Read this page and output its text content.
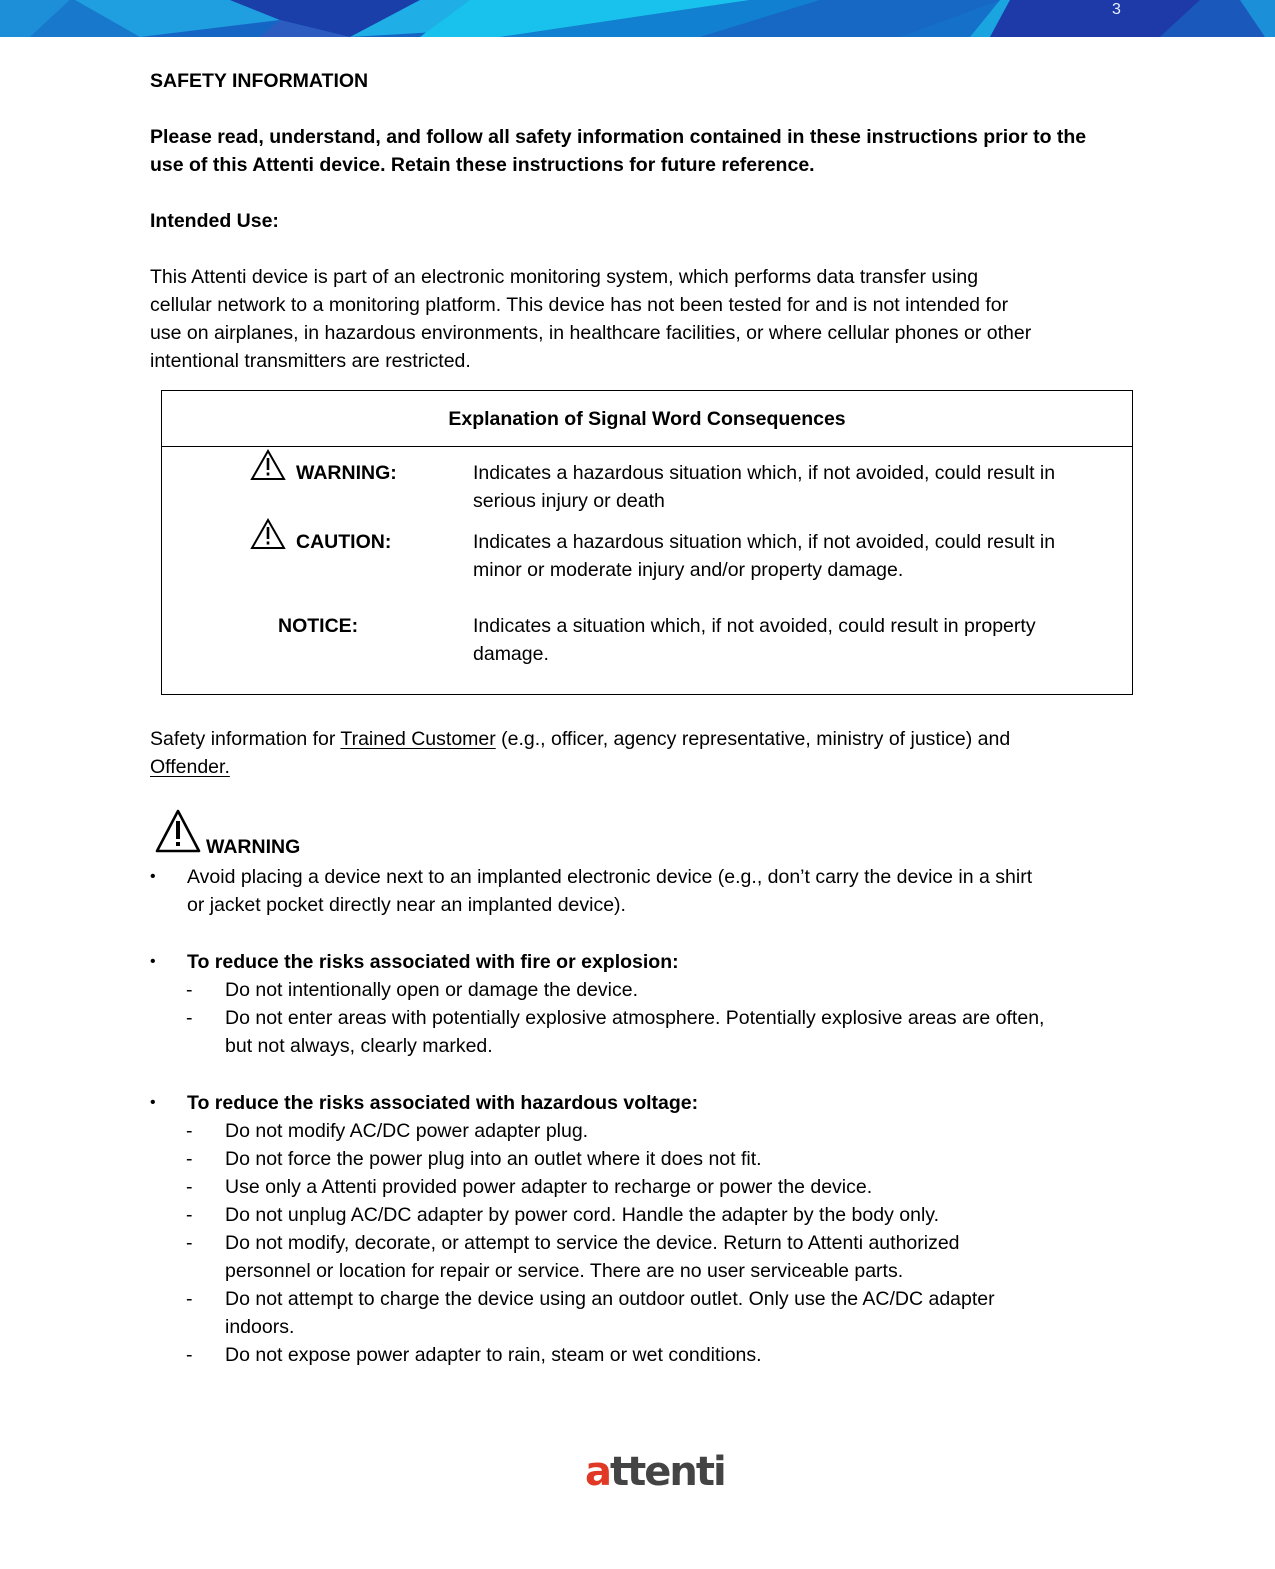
3
SAFETY INFORMATION
Please read, understand, and follow all safety information contained in these instructions prior to the
use of this Attenti device. Retain these instructions for future reference.
Intended Use:
This Attenti device is part of an electronic monitoring system, which performs data transfer using
cellular network to a monitoring platform. This device has not been tested for and is not intended for
use on airplanes, in hazardous environments, in healthcare facilities, or where cellular phones or other
intentional transmitters are restricted.
Explanation of Signal Word Consequences
WARNING:	Indicates a hazardous situation which, if not avoided, could result in
serious injury or death
CAUTION:	Indicates a hazardous situation which, if not avoided, could result in
minor or moderate injury and/or property damage.
NOTICE:	Indicates a situation which, if not avoided, could result in property
damage.
Safety information for Trained Customer (e.g., officer, agency representative, ministry of justice) and
Offender.
WARNING
• Avoid placing a device next to an implanted electronic device (e.g., don’t carry the device in a shirt
or jacket pocket directly near an implanted device).
• To reduce the risks associated with fire or explosion:
- Do not intentionally open or damage the device.
- Do not enter areas with potentially explosive atmosphere. Potentially explosive areas are often,
but not always, clearly marked.
• To reduce the risks associated with hazardous voltage:
- Do not modify AC/DC power adapter plug.
- Do not force the power plug into an outlet where it does not fit.
- Use only a Attenti provided power adapter to recharge or power the device.
- Do not unplug AC/DC adapter by power cord. Handle the adapter by the body only.
- Do not modify, decorate, or attempt to service the device. Return to Attenti authorized
personnel or location for repair or service. There are no user serviceable parts.
- Do not attempt to charge the device using an outdoor outlet. Only use the AC/DC adapter
indoors.
- Do not expose power adapter to rain, steam or wet conditions.
attenti
